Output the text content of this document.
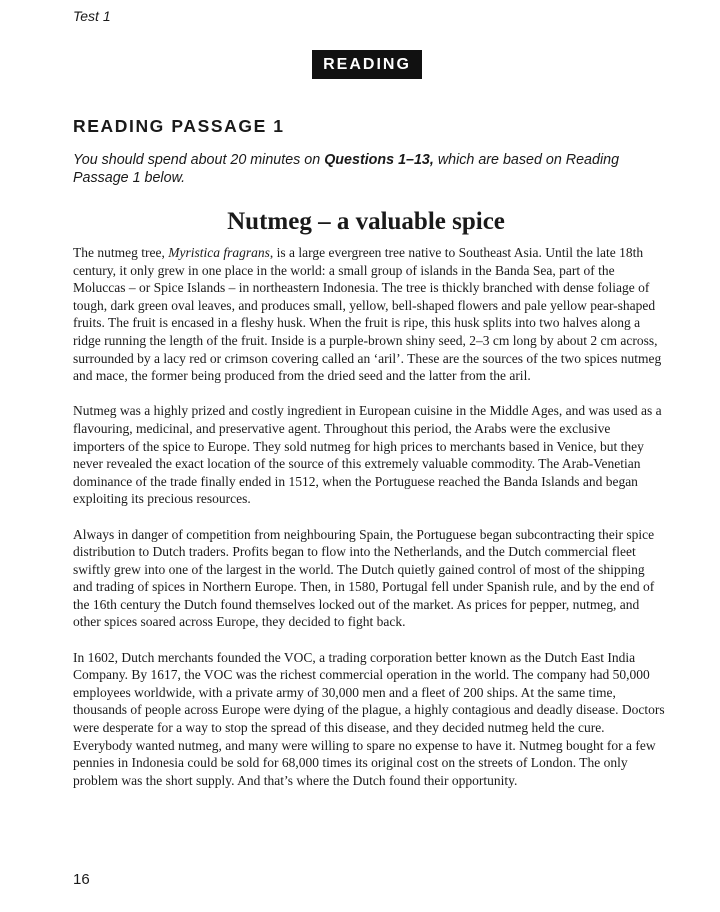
Test 1
READING
READING PASSAGE 1
You should spend about 20 minutes on Questions 1–13, which are based on Reading Passage 1 below.
Nutmeg – a valuable spice

The nutmeg tree, Myristica fragrans, is a large evergreen tree native to Southeast Asia. Until the late 18th century, it only grew in one place in the world: a small group of islands in the Banda Sea, part of the Moluccas – or Spice Islands – in northeastern Indonesia. The tree is thickly branched with dense foliage of tough, dark green oval leaves, and produces small, yellow, bell-shaped flowers and pale yellow pear-shaped fruits. The fruit is encased in a fleshy husk. When the fruit is ripe, this husk splits into two halves along a ridge running the length of the fruit. Inside is a purple-brown shiny seed, 2–3 cm long by about 2 cm across, surrounded by a lacy red or crimson covering called an ‘aril’. These are the sources of the two spices nutmeg and mace, the former being produced from the dried seed and the latter from the aril.

Nutmeg was a highly prized and costly ingredient in European cuisine in the Middle Ages, and was used as a flavouring, medicinal, and preservative agent. Throughout this period, the Arabs were the exclusive importers of the spice to Europe. They sold nutmeg for high prices to merchants based in Venice, but they never revealed the exact location of the source of this extremely valuable commodity. The Arab-Venetian dominance of the trade finally ended in 1512, when the Portuguese reached the Banda Islands and began exploiting its precious resources.

Always in danger of competition from neighbouring Spain, the Portuguese began subcontracting their spice distribution to Dutch traders. Profits began to flow into the Netherlands, and the Dutch commercial fleet swiftly grew into one of the largest in the world. The Dutch quietly gained control of most of the shipping and trading of spices in Northern Europe. Then, in 1580, Portugal fell under Spanish rule, and by the end of the 16th century the Dutch found themselves locked out of the market. As prices for pepper, nutmeg, and other spices soared across Europe, they decided to fight back.

In 1602, Dutch merchants founded the VOC, a trading corporation better known as the Dutch East India Company. By 1617, the VOC was the richest commercial operation in the world. The company had 50,000 employees worldwide, with a private army of 30,000 men and a fleet of 200 ships. At the same time, thousands of people across Europe were dying of the plague, a highly contagious and deadly disease. Doctors were desperate for a way to stop the spread of this disease, and they decided nutmeg held the cure. Everybody wanted nutmeg, and many were willing to spare no expense to have it. Nutmeg bought for a few pennies in Indonesia could be sold for 68,000 times its original cost on the streets of London. The only problem was the short supply. And that’s where the Dutch found their opportunity.

16
